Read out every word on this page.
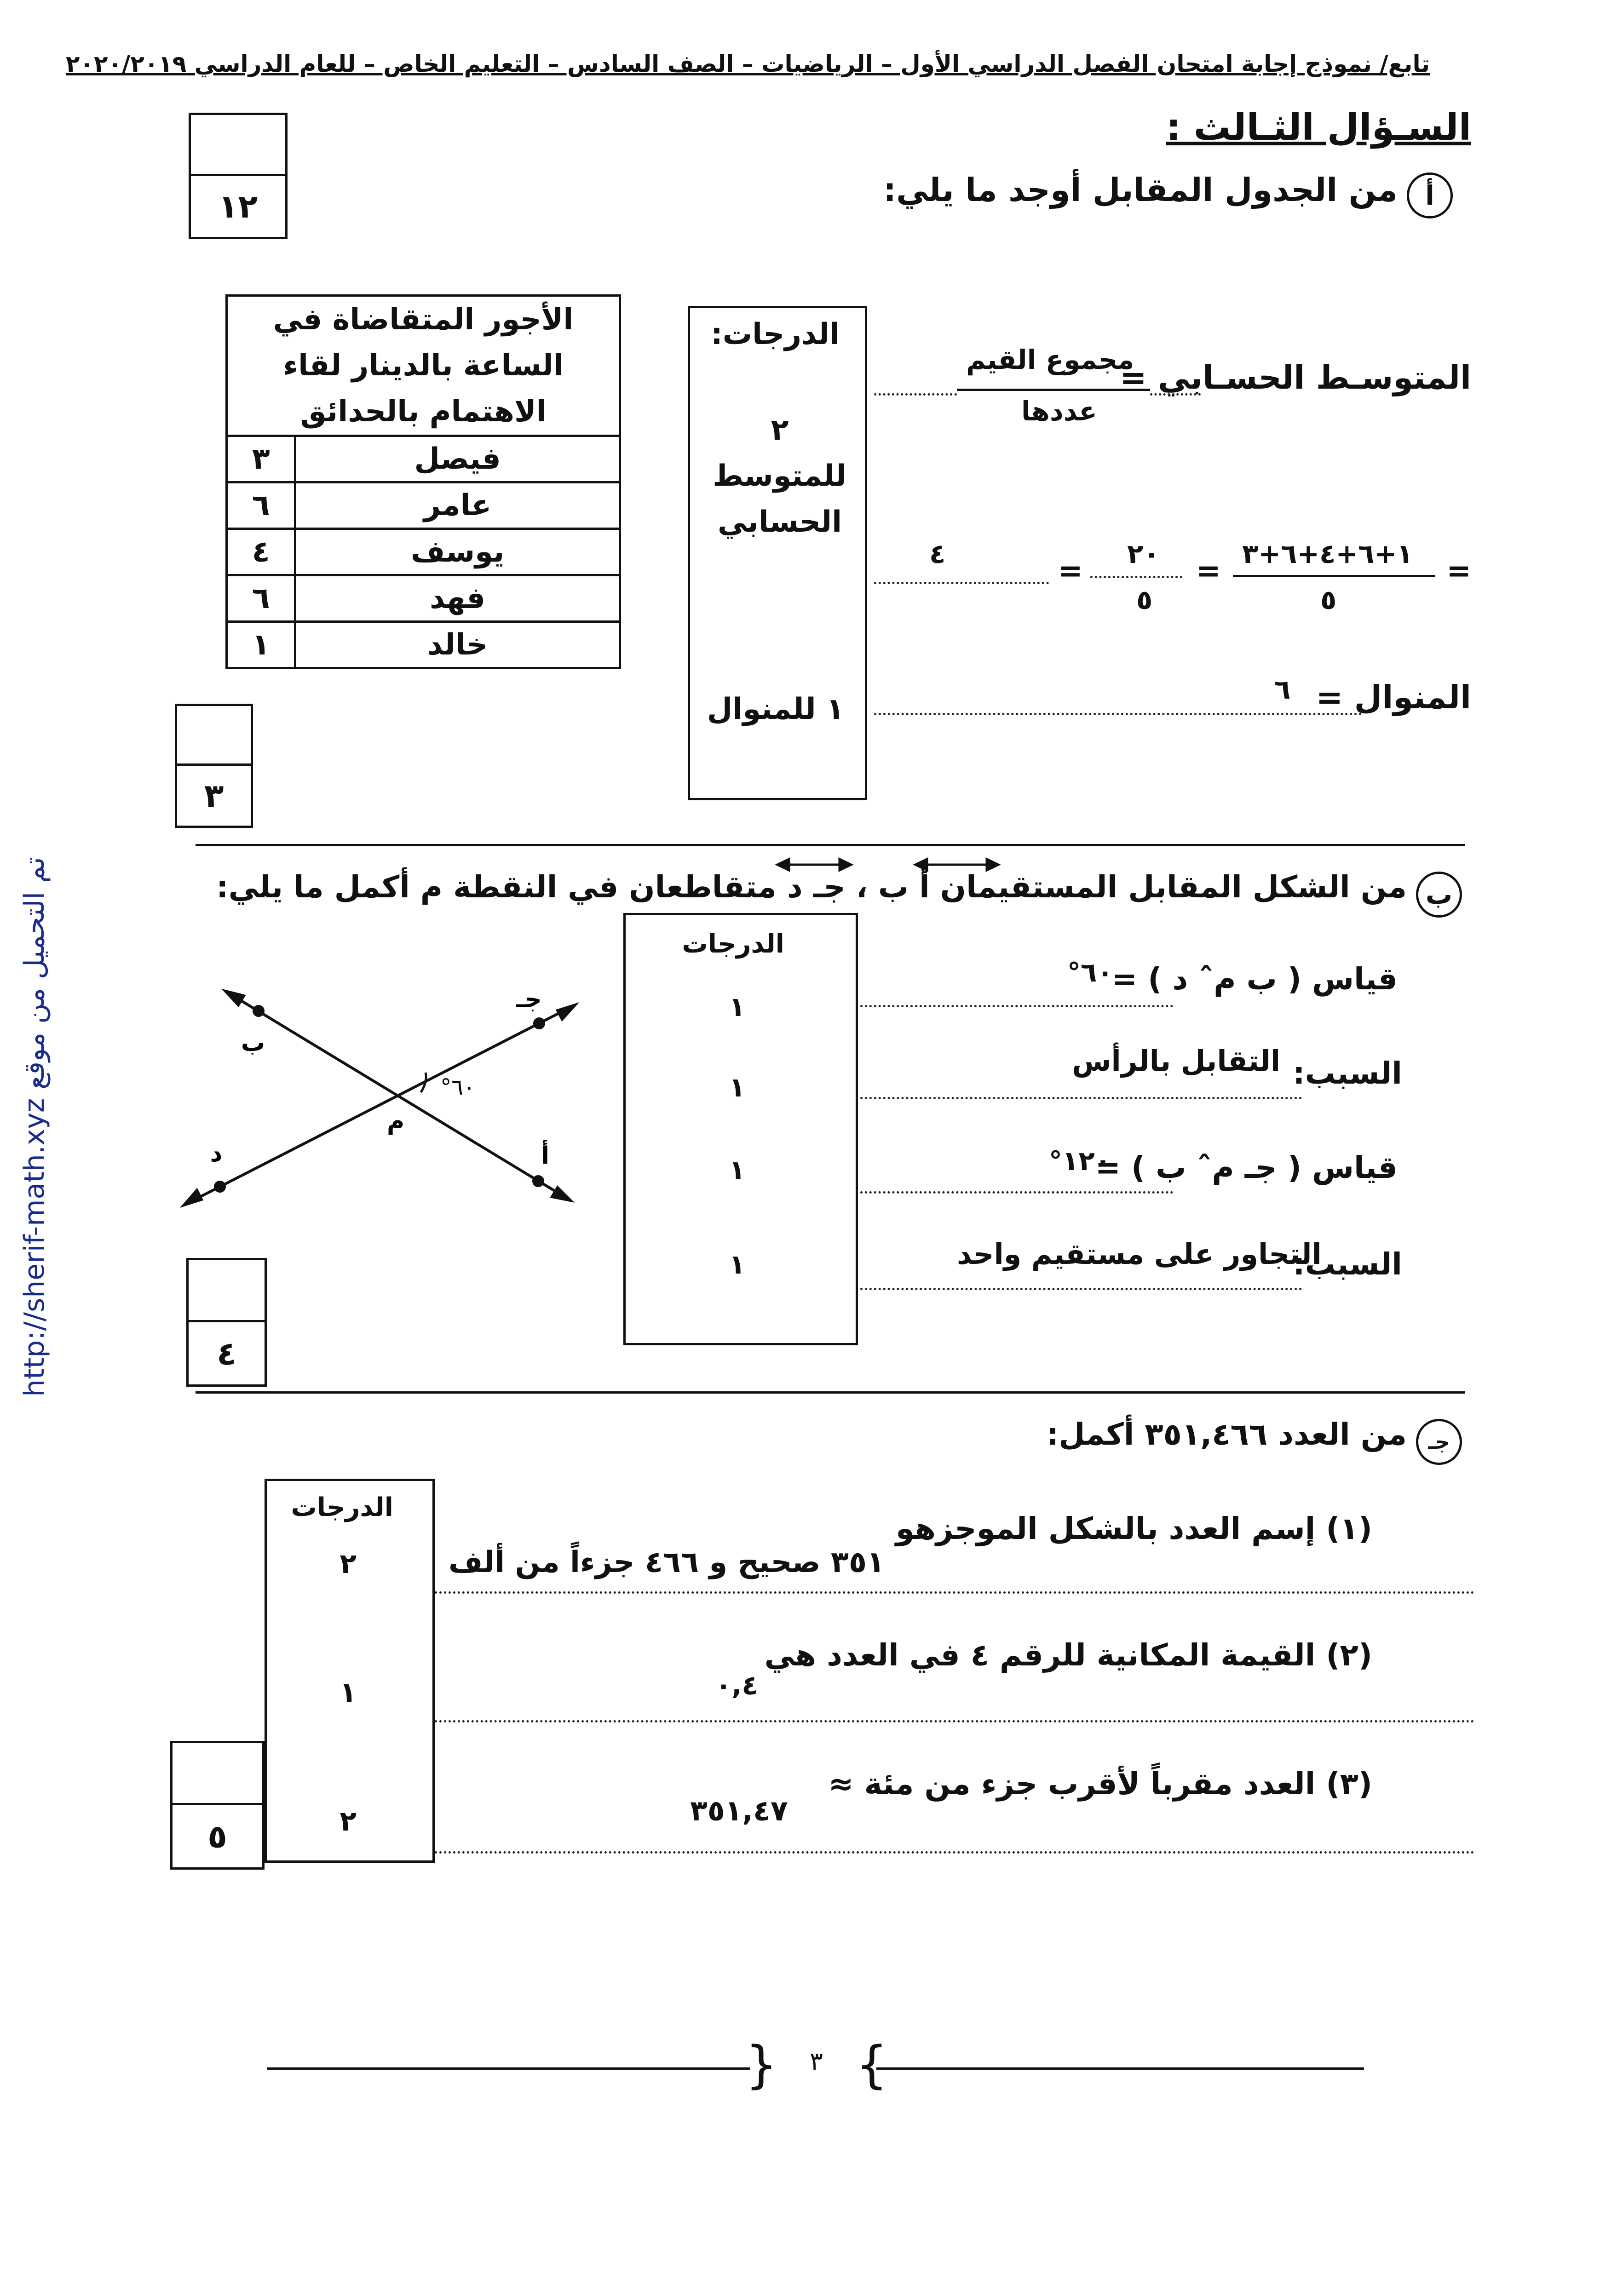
تابع/ نموذج إجابة امتحان الفصل الدراسي الأول – الرياضيات – الصف السادس – التعليم الخاص – للعام الدراسي ٢٠٢٠/٢٠١٩
تم التحميل من موقع http://sherif-math.xyz
السـؤال الثـالث :
١٢	أ
من الجدول المقابل أوجد ما يلي:
الأجور المتقاضاة في الساعة بالدينار لقاء الاهتمام بالحدائق	
فيصل	٣
عامر	٦
يوسف	٤
فهد	٦
خالد	١
الدرجات:
٢ للمتوسط الحسابي
١ للمنوال
المتوسـط الحسـابي =
مجموع القيم
عددها
=
١+٦+٤+٦+٣
٥
=
٢٠
٥
=
٤
المنوال =
٦
٣
ب
من الشكل المقابل المستقيمان أ ب ، جـ د متقاطعان في النقطة م أكمل ما يلي:
ب
جـ
م
د	أ
٦٠°
الدرجات
١
١
١
١
قياس ( ب مˆ د ) =
٦٠°
السبب:
التقابل بالرأس
قياس ( جـ مˆ ب ) =
١٢٠°
السبب:
التجاور على مستقيم واحد
٤
جـ
من العدد ٣٥١,٤٦٦ أكمل:
الدرجات
٢
١
٢
(١) إسم العدد بالشكل الموجزهو
٣٥١ صحيح و ٤٦٦ جزءاً من ألف
(٢) القيمة المكانية للرقم ٤ في العدد هي
٠,٤
(٣) العدد مقرباً لأقرب جزء من مئة ≈
٣٥١,٤٧
٥
{ }
٣
